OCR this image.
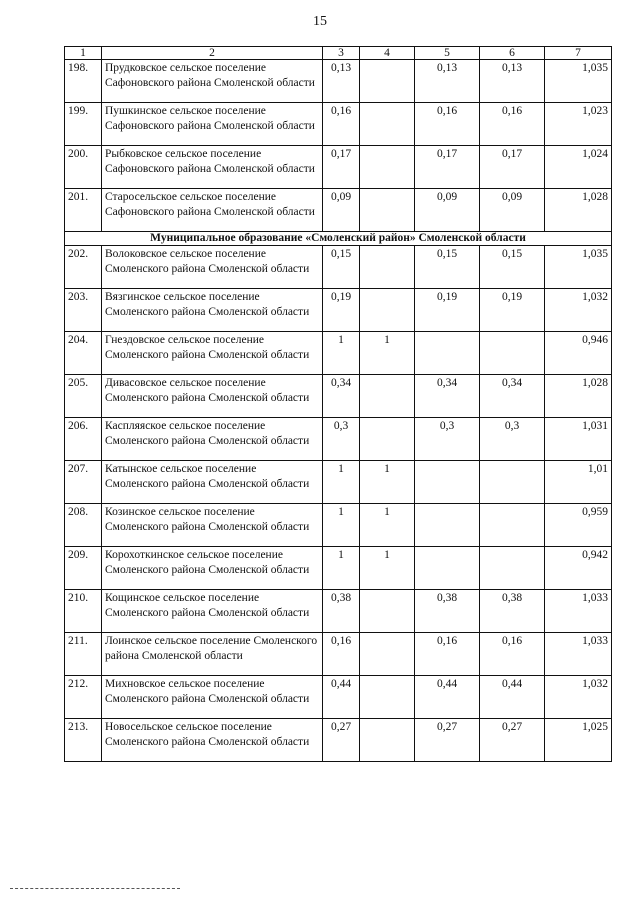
15
1	2	3	4	5	6	7
198.	Прудковское сельское поселение Сафоновского района Смоленской области	0,13		0,13	0,13	1,035
199.	Пушкинское сельское поселение Сафоновского района Смоленской области	0,16		0,16	0,16	1,023
200.	Рыбковское сельское поселение Сафоновского района Смоленской области	0,17		0,17	0,17	1,024
201.	Старосельское сельское поселение Сафоновского района Смоленской области	0,09		0,09	0,09	1,028
Муниципальное образование «Смоленский район» Смоленской области						
202.	Волоковское сельское поселение Смоленского района Смоленской области	0,15		0,15	0,15	1,035
203.	Вязгинское сельское поселение Смоленского района Смоленской области	0,19		0,19	0,19	1,032
204.	Гнездовское сельское поселение Смоленского района Смоленской области	1	1			0,946
205.	Дивасовское сельское поселение Смоленского района Смоленской области	0,34		0,34	0,34	1,028
206.	Каспляяское сельское поселение Смоленского района Смоленской области	0,3		0,3	0,3	1,031
207.	Катынское сельское поселение Смоленского района Смоленской области	1	1			1,01
208.	Козинское сельское поселение Смоленского района Смоленской области	1	1			0,959
209.	Корохоткинское сельское поселение Смоленского района Смоленской области	1	1			0,942
210.	Кощинское сельское поселение Смоленского района Смоленской области	0,38		0,38	0,38	1,033
211.	Лоинское сельское поселение Смоленского района Смоленской области	0,16		0,16	0,16	1,033
212.	Михновское сельское поселение Смоленского района Смоленской области	0,44		0,44	0,44	1,032
213.	Новосельское сельское поселение Смоленского района Смоленской области	0,27		0,27	0,27	1,025
